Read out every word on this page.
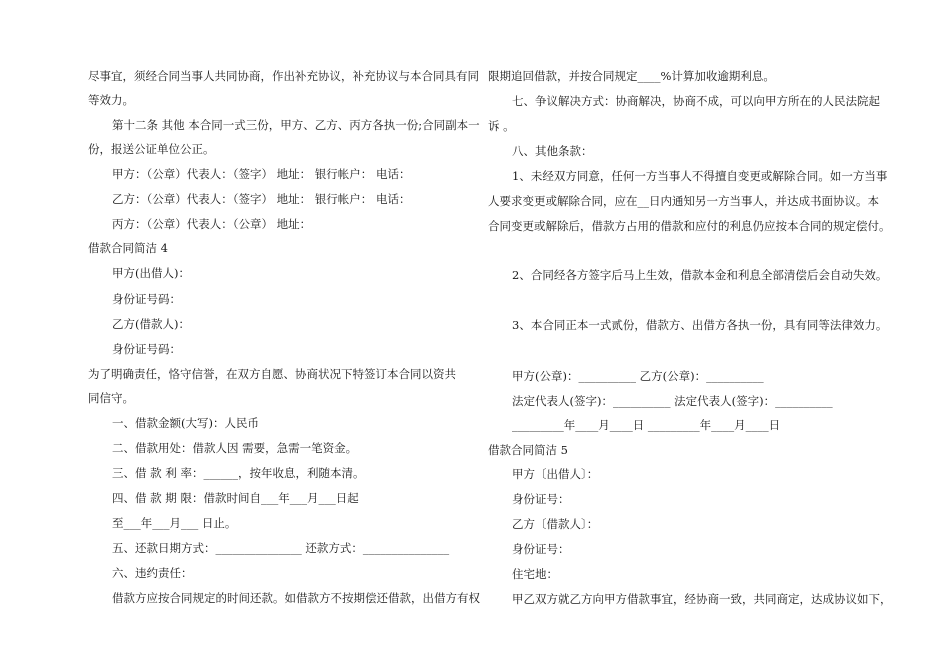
尽事宜，须经合同当事人共同协商，作出补充协议，补充协议与本合同具有同
等效力。
第十二条 其他 本合同一式三份，甲方、乙方、丙方各执一份;合同副本一
份，报送公证单位公正。
甲方：（公章）代表人：（签字） 地址： 银行帐户： 电话：
乙方：（公章）代表人：（签字） 地址： 银行帐户： 电话：
丙方：（公章）代表人：（公章） 地址：
借款合同简洁 4
甲方(出借人)：
身份证号码：
乙方(借款人)：
身份证号码：
为了明确责任，恪守信誉，在双方自愿、协商状况下特签订本合同以资共
同信守。
一、借款金额(大写)：人民币
二、借款用处：借款人因 需要，急需一笔资金。
三、借 款 利 率：______，按年收息，利随本清。
四、借 款 期 限：借款时间自___年___月___日起
至___年___月___ 日止。
五、还款日期方式：_______________ 还款方式：_______________
六、违约责任：
借款方应按合同规定的时间还款。如借款方不按期偿还借款，出借方有权
限期追回借款，并按合同规定____%计算加收逾期利息。
七、争议解决方式：协商解决，协商不成，可以向甲方所在的人民法院起
诉 。
八、其他条款：
1、未经双方同意，任何一方当事人不得擅自变更或解除合同。如一方当事
人要求变更或解除合同，应在__日内通知另一方当事人，并达成书面协议。本
合同变更或解除后，借款方占用的借款和应付的利息仍应按本合同的规定偿付。
2、合同经各方签字后马上生效，借款本金和利息全部清偿后会自动失效。
3、本合同正本一式贰份，借款方、出借方各执一份，具有同等法律效力。
甲方(公章)：__________ 乙方(公章)：__________
法定代表人(签字)：__________ 法定代表人(签字)：__________
_________年____月____日 _________年____月____日
借款合同简洁 5
甲方〔出借人〕：
身份证号：
乙方〔借款人〕：
身份证号：
住宅地：
甲乙双方就乙方向甲方借款事宜，经协商一致，共同商定，达成协议如下，
